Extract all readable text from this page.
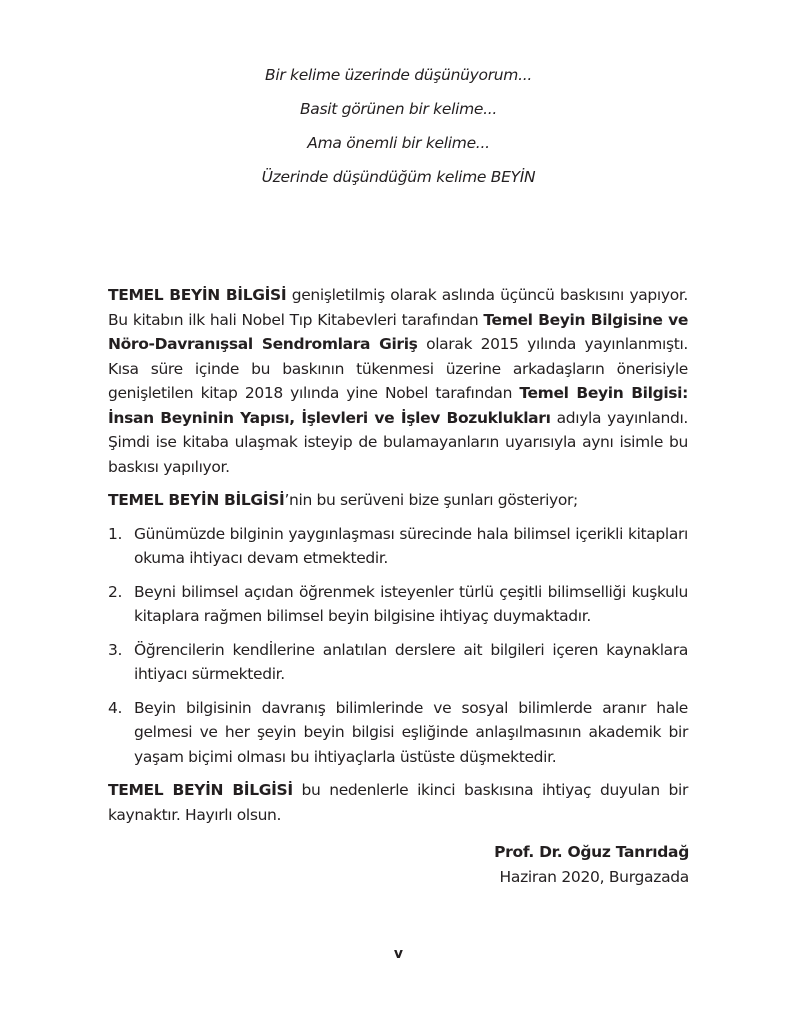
Bir kelime üzerinde düşünüyorum...
Basit görünen bir kelime...
Ama önemli bir kelime...
Üzerinde düşündüğüm kelime BEYİN

TEMEL BEYİN BİLGİSİ genişletilmiş olarak aslında üçüncü baskısını yapıyor. Bu kitabın ilk hali Nobel Tıp Kitabevleri tarafından Temel Beyin Bilgisine ve Nöro-Davranışsal Sendromlara Giriş olarak 2015 yılında yayınlanmıştı. Kısa süre içinde bu baskının tükenmesi üzerine arkadaşların önerisiyle genişletilen kitap 2018 yılında yine Nobel tarafından Temel Beyin Bilgisi: İnsan Beyninin Yapısı, İşlevleri ve İşlev Bozuklukları adıyla yayınlandı. Şimdi ise kitaba ulaşmak isteyip de bulamayanların uyarısıyla aynı isimle bu baskısı yapılıyor.

TEMEL BEYİN BİLGİSİ’nin bu serüveni bize şunları gösteriyor;

1. Günümüzde bilginin yaygınlaşması sürecinde hala bilimsel içerikli kitapları okuma ihtiyacı devam etmektedir.
2. Beyni bilimsel açıdan öğrenmek isteyenler türlü çeşitli bilimselliği kuşkulu kitaplara rağmen bilimsel beyin bilgisine ihtiyaç duymaktadır.
3. Öğrencilerin kendİlerine anlatılan derslere ait bilgileri içeren kaynaklara ihtiyacı sürmektedir.
4. Beyin bilgisinin davranış bilimlerinde ve sosyal bilimlerde aranır hale gelmesi ve her şeyin beyin bilgisi eşliğinde anlaşılmasının akademik bir yaşam biçimi olması bu ihtiyaçlarla üstüste düşmektedir.

TEMEL BEYİN BİLGİSİ bu nedenlerle ikinci baskısına ihtiyaç duyulan bir kaynaktır. Hayırlı olsun.

Prof. Dr. Oğuz Tanrıdağ
Haziran 2020, Burgazada
v
